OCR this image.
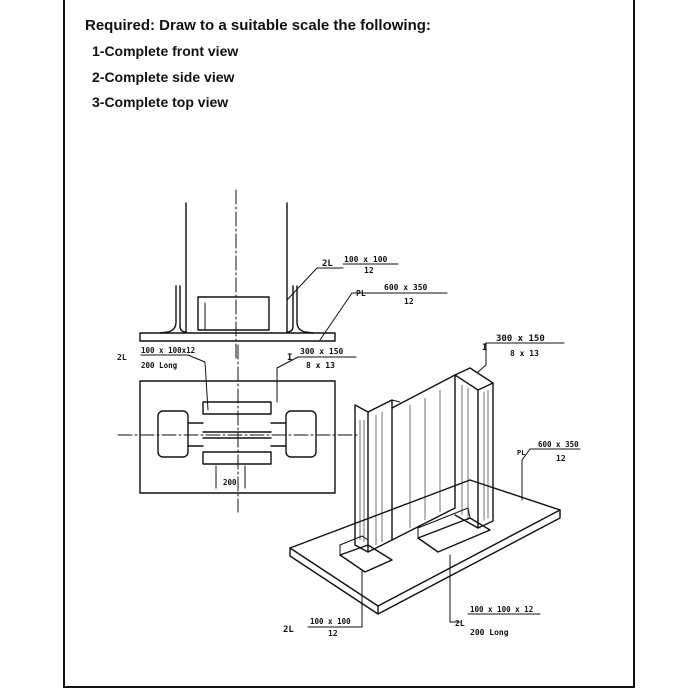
Required: Draw to a suitable scale the following:

1-Complete front view

2-Complete side view

3-Complete top view

2L 100 x 100
12
PL
600 x 350
12
2L
100 x 100x12
200 Long
I
300 x 150
8 x 13
200
I
300 x 150
8 x 13
PL
600 x 350
12
2L
100 x 100 x 12
200 Long
2L
100 x 100
12
